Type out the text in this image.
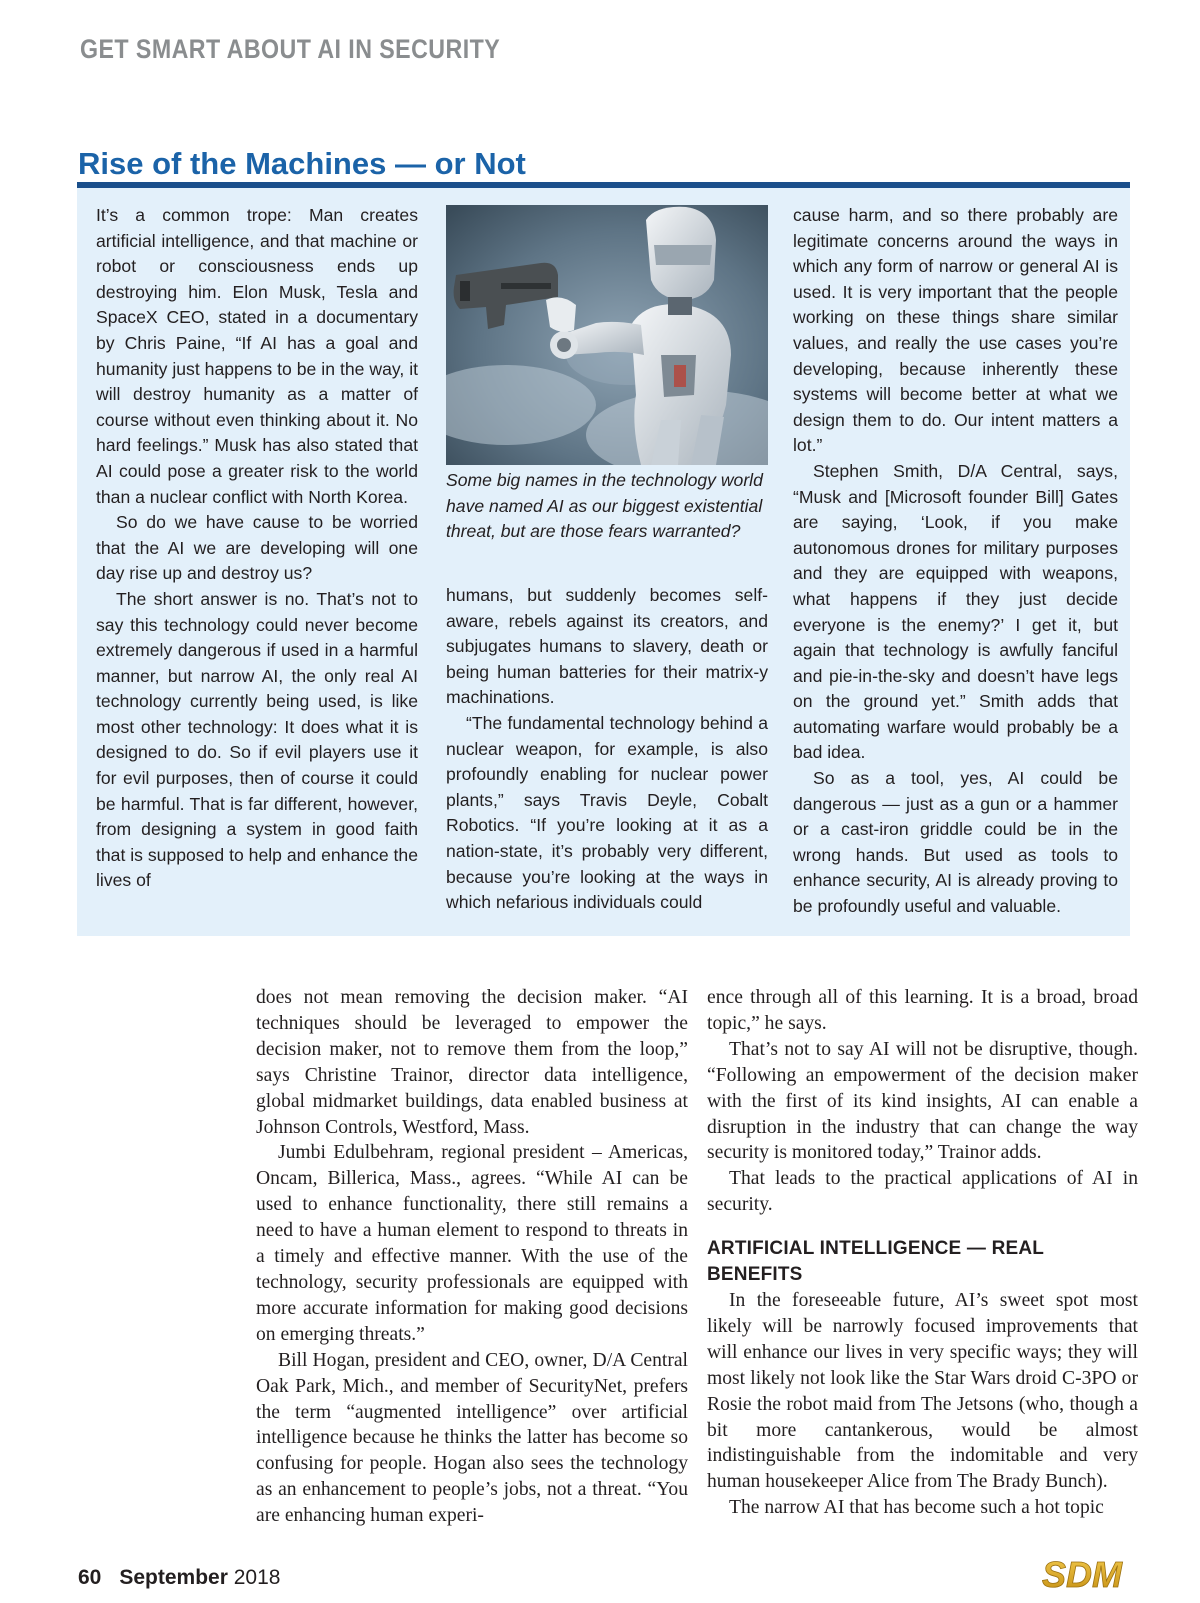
GET SMART ABOUT AI IN SECURITY
Rise of the Machines — or Not

It’s a common trope: Man creates artificial intelligence, and that machine or robot or consciousness ends up destroying him. Elon Musk, Tesla and SpaceX CEO, stated in a documentary by Chris Paine, “If AI has a goal and humanity just happens to be in the way, it will destroy humanity as a matter of course without even thinking about it. No hard feelings.” Musk has also stated that AI could pose a greater risk to the world than a nuclear conflict with North Korea.

So do we have cause to be worried that the AI we are developing will one day rise up and destroy us?

The short answer is no. That’s not to say this technology could never become extremely dangerous if used in a harmful manner, but narrow AI, the only real AI technology currently being used, is like most other technology: It does what it is designed to do. So if evil players use it for evil purposes, then of course it could be harmful. That is far different, however, from designing a system in good faith that is supposed to help and enhance the lives of

Some big names in the technology world have named AI as our biggest existential threat, but are those fears warranted?

humans, but suddenly becomes self-aware, rebels against its creators, and subjugates humans to slavery, death or being human batteries for their matrix-y machinations.

“The fundamental technology behind a nuclear weapon, for example, is also profoundly enabling for nuclear power plants,” says Travis Deyle, Cobalt Robotics. “If you’re looking at it as a nation-state, it’s probably very different, because you’re looking at the ways in which nefarious individuals could

cause harm, and so there probably are legitimate concerns around the ways in which any form of narrow or general AI is used. It is very important that the people working on these things share similar values, and really the use cases you’re developing, because inherently these systems will become better at what we design them to do. Our intent matters a lot.”

Stephen Smith, D/A Central, says, “Musk and [Microsoft founder Bill] Gates are saying, ‘Look, if you make autonomous drones for military purposes and they are equipped with weapons, what happens if they just decide everyone is the enemy?’ I get it, but again that technology is awfully fanciful and pie-in-the-sky and doesn’t have legs on the ground yet.” Smith adds that automating warfare would probably be a bad idea.

So as a tool, yes, AI could be dangerous — just as a gun or a hammer or a cast-iron griddle could be in the wrong hands. But used as tools to enhance security, AI is already proving to be profoundly useful and valuable.

does not mean removing the decision maker. “AI techniques should be leveraged to empower the decision maker, not to remove them from the loop,” says Christine Trainor, director data intelligence, global midmarket buildings, data enabled business at Johnson Controls, Westford, Mass.

Jumbi Edulbehram, regional president – Americas, Oncam, Billerica, Mass., agrees. “While AI can be used to enhance functionality, there still remains a need to have a human element to respond to threats in a timely and effective manner. With the use of the technology, security professionals are equipped with more accurate information for making good decisions on emerging threats.”

Bill Hogan, president and CEO, owner, D/A Central Oak Park, Mich., and member of SecurityNet, prefers the term “augmented intelligence” over artificial intelligence because he thinks the latter has become so confusing for people. Hogan also sees the technology as an enhancement to people’s jobs, not a threat. “You are enhancing human experi-

ence through all of this learning. It is a broad, broad topic,” he says.

That’s not to say AI will not be disruptive, though. “Following an empowerment of the decision maker with the first of its kind insights, AI can enable a disruption in the industry that can change the way security is monitored today,” Trainor adds.

That leads to the practical applications of AI in security.

ARTIFICIAL INTELLIGENCE — REAL BENEFITS

In the foreseeable future, AI’s sweet spot most likely will be narrowly focused improvements that will enhance our lives in very specific ways; they will most likely not look like the Star Wars droid C-3PO or Rosie the robot maid from The Jetsons (who, though a bit more cantankerous, would be almost indistinguishable from the indomitable and very human housekeeper Alice from The Brady Bunch).

The narrow AI that has become such a hot topic

60 September 2018	SDM
